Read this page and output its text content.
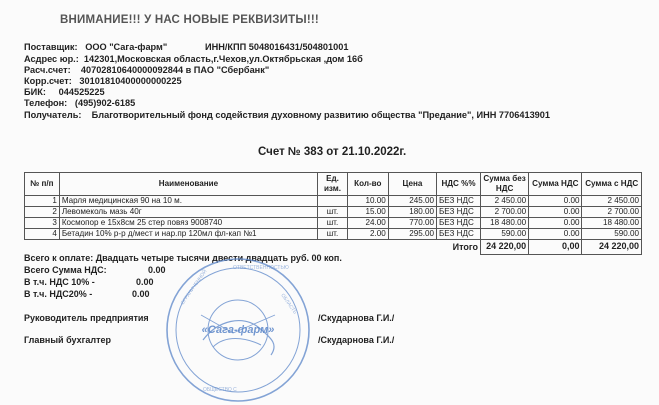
ВНИМАНИЕ!!! У НАС НОВЫЕ РЕКВИЗИТЫ!!!
Поставщик: ООО "Сага-фарм"	ИНН/КПП 5048016431/504801001
Асдрес юр.: 142301,Московская область,г.Чехов,ул.Октябрьская ,дом 16б
Расч.счет: 40702810640000092844 в ПАО "Сбербанк"
Корр.счет: 30101810400000000225
БИК: 044525225
Телефон: (495)902-6185
Получатель: Благотворительный фонд содействия духовному развитию общества "Предание", ИНН 7706413901
Счет № 383 от 21.10.2022г.
№ п/п	Наименование	Ед. изм.	Кол-во	Цена	НДС %%	Сумма без НДС	Сумма НДС	Сумма с НДС
1	Марля медицинская 90 на 10 м.		10.00	245.00	БЕЗ НДС	2 450.00	0.00	2 450.00
2	Левомеколь мазь 40г	шт.	15.00	180.00	БЕЗ НДС	2 700.00	0.00	2 700.00
3	Космопор е 15х8см 25 стер повяз 9008740	шт.	24.00	770.00	БЕЗ НДС	18 480.00	0.00	18 480.00
4	Бетадин 10% р-р д/мест и нар.пр 120мл фл-кап №1	шт.	2.00	295.00	БЕЗ НДС	590.00	0.00	590.00
Итого						24 220,00	0,00	24 220,00
Всего к оплате: Двадцать четыре тысячи двести двадцать руб. 00 коп.
Всего Сумма НДС:	0.00
В т.ч. НДС 10% -	0.00
В т.ч. НДС20% -	0.00
Руководитель предприятия	/Скударнова Г.И./
Главный бухгалтер	/Скударнова Г.И./
ОГРАНИЧЕННОЙ
ОТВЕТСТВЕННОСТЬЮ
ОБЛАСТЬ
ОБЩЕСТВО С
«Сага-фарм»
